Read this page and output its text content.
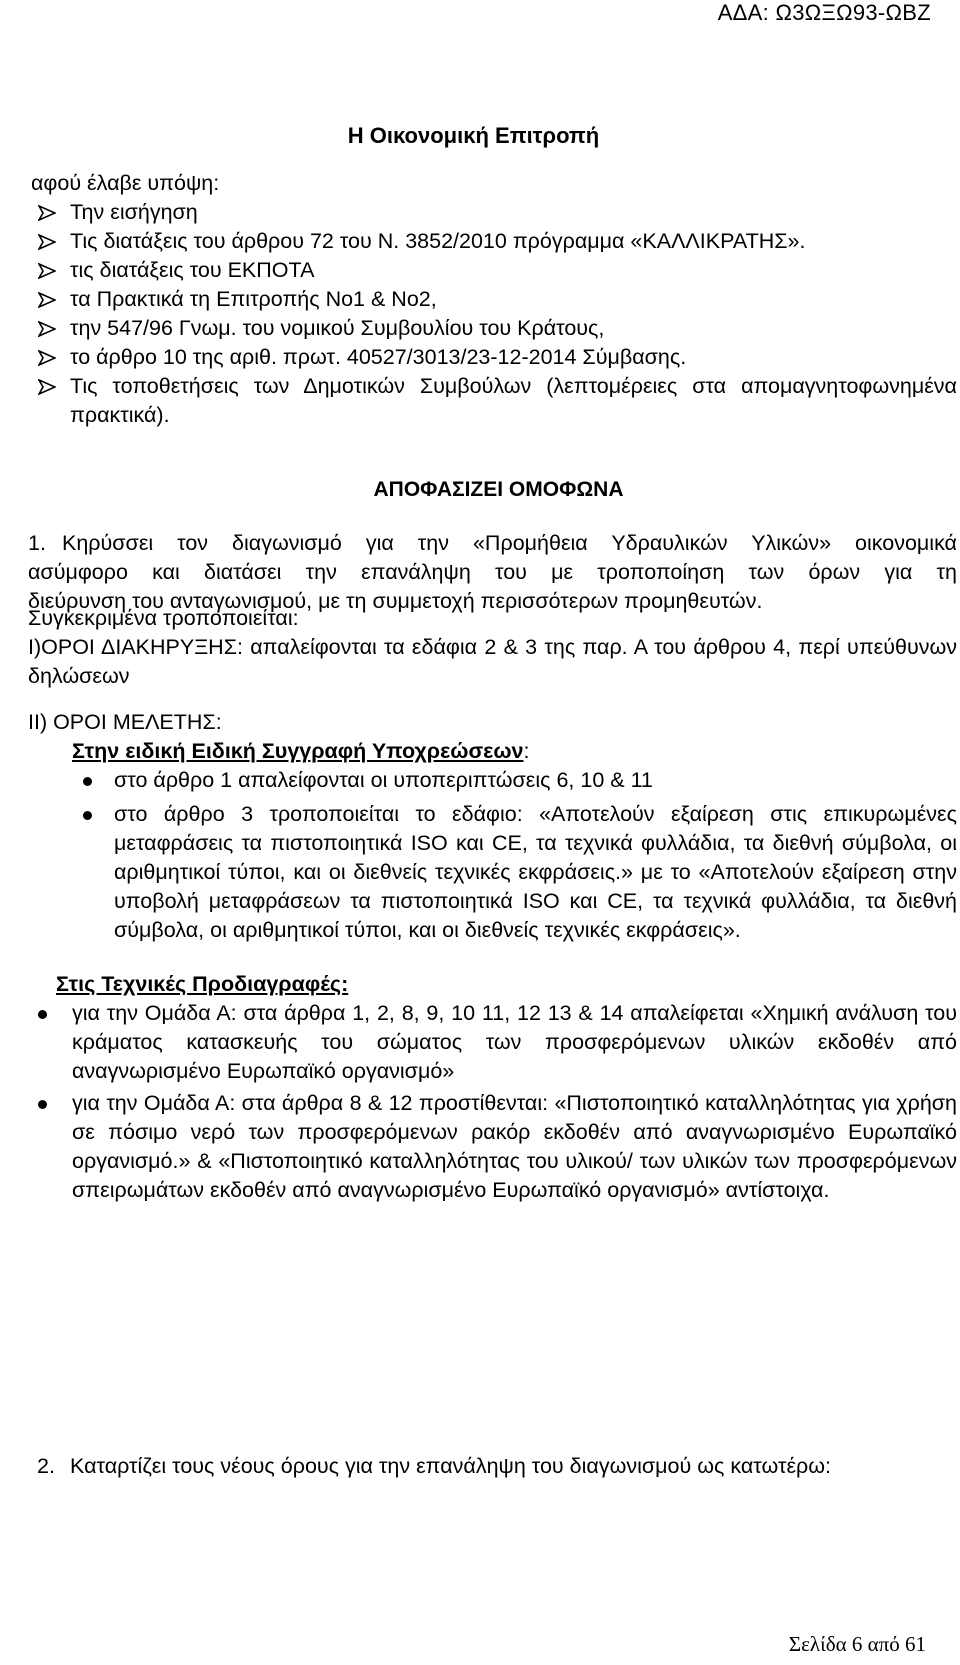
ΑΔΑ: Ω3ΩΞΩ93-ΩΒΖ
Η Οικονομική Επιτροπή
αφού έλαβε υπόψη:
Την εισήγηση
Τις διατάξεις του άρθρου 72 του Ν. 3852/2010 πρόγραμμα «ΚΑΛΛΙΚΡΑΤΗΣ».
τις διατάξεις του ΕΚΠΟΤΑ
τα Πρακτικά τη Επιτροπής Νο1 & Νο2,
την 547/96 Γνωμ. του νομικού Συμβουλίου του Κράτους,
το άρθρο 10 της αριθ. πρωτ. 40527/3013/23-12-2014 Σύμβασης.
Τις τοποθετήσεις των Δημοτικών Συμβούλων (λεπτομέρειες στα απομαγνητοφωνημένα πρακτικά).
ΑΠΟΦΑΣΙΖΕΙ ΟΜΟΦΩΝΑ
1. Κηρύσσει τον διαγωνισμό για την «Προμήθεια Υδραυλικών Υλικών» οικονομικά
ασύμφορο και διατάσει την επανάληψη του με τροποποίηση των όρων για τη
διεύρυνση του ανταγωνισμού, με τη συμμετοχή περισσότερων προμηθευτών.
Συγκεκριμένα τροποποιείται:
Ι)ΟΡΟΙ ΔΙΑΚΗΡΥΞΗΣ: απαλείφονται τα εδάφια 2 & 3 της παρ. Α του άρθρου 4, περί υπεύθυνων δηλώσεων
ΙΙ) ΟΡΟΙ ΜΕΛΕΤΗΣ:
Στην ειδική Ειδική Συγγραφή Υποχρεώσεων:
στο άρθρο 1 απαλείφονται οι υποπεριπτώσεις 6, 10 & 11
στο άρθρο 3 τροποποιείται το εδάφιο: «Αποτελούν εξαίρεση στις επικυρωμένες μεταφράσεις τα πιστοποιητικά ISO και CE, τα τεχνικά φυλλάδια, τα διεθνή σύμβολα, οι αριθμητικοί τύποι, και οι διεθνείς τεχνικές εκφράσεις.» με το «Αποτελούν εξαίρεση στην υποβολή μεταφράσεων τα πιστοποιητικά ISO και CE, τα τεχνικά φυλλάδια, τα διεθνή σύμβολα, οι αριθμητικοί τύποι, και οι διεθνείς τεχνικές εκφράσεις».
Στις Τεχνικές Προδιαγραφές:
για την Ομάδα Α: στα άρθρα 1, 2, 8, 9, 10 11, 12 13 & 14 απαλείφεται «Χημική ανάλυση του κράματος κατασκευής του σώματος των προσφερόμενων υλικών εκδοθέν από αναγνωρισμένο Ευρωπαϊκό οργανισμό»
για την Ομάδα Α: στα άρθρα 8 & 12 προστίθενται: «Πιστοποιητικό καταλληλότητας για χρήση σε πόσιμο νερό των προσφερόμενων ρακόρ εκδοθέν από αναγνωρισμένο Ευρωπαϊκό οργανισμό.» & «Πιστοποιητικό καταλληλότητας του υλικού/ των υλικών των προσφερόμενων σπειρωμάτων εκδοθέν από αναγνωρισμένο Ευρωπαϊκό οργανισμό» αντίστοιχα.
2. Καταρτίζει τους νέους όρους για την επανάληψη του διαγωνισμού ως κατωτέρω:
Σελίδα 6 από 61
